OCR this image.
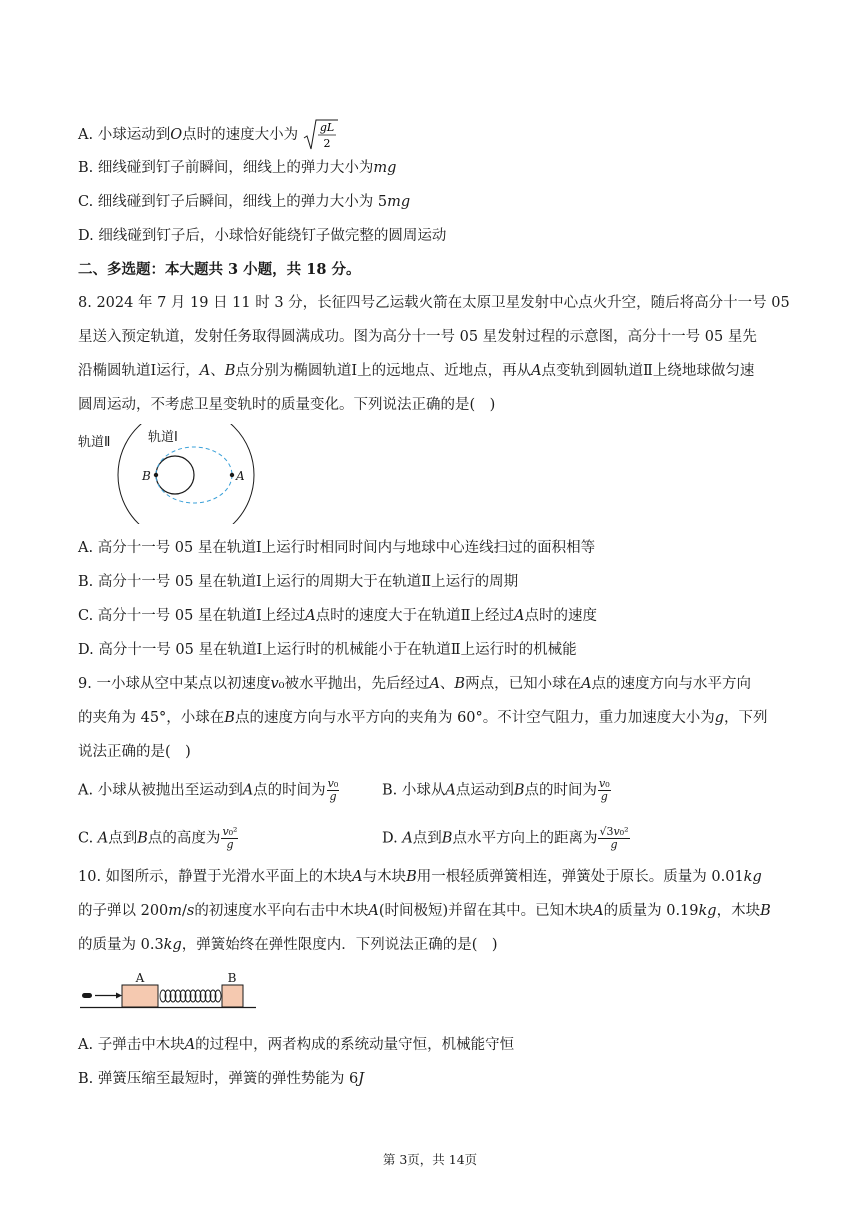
A. 小球运动到O点时的速度大小为 gL
2
B. 细线碰到钉子前瞬间，细线上的弹力大小为𝑚𝑔
C. 细线碰到钉子后瞬间，细线上的弹力大小为 5𝑚𝑔
D. 细线碰到钉子后，小球恰好能绕钉子做完整的圆周运动
二、多选题：本大题共 3 小题，共 18 分。
8. 2024 年 7 月 19 日 11 时 3 分，长征四号乙运载火箭在太原卫星发射中心点火升空，随后将高分十一号 05
星送入预定轨道，发射任务取得圆满成功。图为高分十一号 05 星发射过程的示意图，高分十一号 05 星先
沿椭圆轨道Ⅰ运行，𝐴、𝐵点分别为椭圆轨道Ⅰ上的远地点、近地点，再从𝐴点变轨到圆轨道Ⅱ上绕地球做匀速
圆周运动，不考虑卫星变轨时的质量变化。下列说法正确的是(　)
轨道Ⅱ	轨道Ⅰ
B	A
A. 高分十一号 05 星在轨道Ⅰ上运行时相同时间内与地球中心连线扫过的面积相等
B. 高分十一号 05 星在轨道Ⅰ上运行的周期大于在轨道Ⅱ上运行的周期
C. 高分十一号 05 星在轨道Ⅰ上经过𝐴点时的速度大于在轨道Ⅱ上经过𝐴点时的速度
D. 高分十一号 05 星在轨道Ⅰ上运行时的机械能小于在轨道Ⅱ上运行时的机械能
9. 一小球从空中某点以初速度𝑣₀被水平抛出，先后经过𝐴、𝐵两点，已知小球在𝐴点的速度方向与水平方向
的夹角为 45°，小球在𝐵点的速度方向与水平方向的夹角为 60°。不计空气阻力，重力加速度大小为𝑔，下列
说法正确的是(　)
A. 小球从被抛出至运动到𝐴点的时间为 $\frac{\text{𝑣₀}}{\text{𝑔}}$	B. 小球从𝐴点运动到𝐵点的时间为 $\frac{\text{𝑣₀}}{\text{𝑔}}$
C. 𝐴点到𝐵点的高度为 $\frac{\text{𝑣₀²}}{\text{𝑔}}$	D. 𝐴点到𝐵点水平方向上的距离为 $\frac{\text{√3𝑣₀²}}{\text{𝑔}}$
10. 如图所示，静置于光滑水平面上的木块𝐴与木块𝐵用一根轻质弹簧相连，弹簧处于原长。质量为 0.01𝑘𝑔
的子弹以 200𝑚/𝑠的初速度水平向右击中木块𝐴(时间极短)并留在其中。已知木块𝐴的质量为 0.19𝑘𝑔，木块𝐵
的质量为 0.3𝑘𝑔，弹簧始终在弹性限度内．下列说法正确的是(　)
A	B
A. 子弹击中木块𝐴的过程中，两者构成的系统动量守恒，机械能守恒
B. 弹簧压缩至最短时，弹簧的弹性势能为 6𝐽
第 3页，共 14页
